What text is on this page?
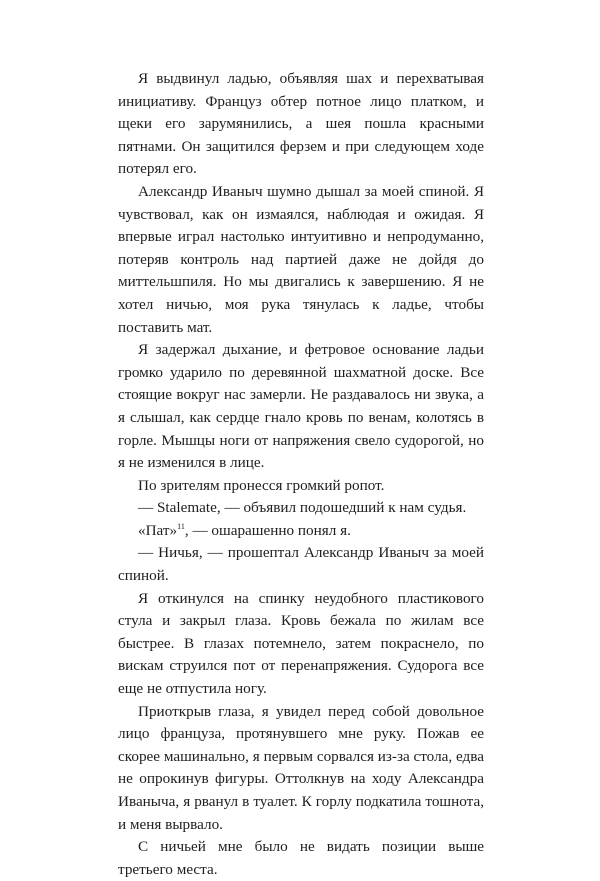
Я выдвинул ладью, объявляя шах и перехватывая инициативу. Француз обтер потное лицо платком, и щеки его зарумянились, а шея пошла красными пятнами. Он защитился ферзем и при следующем ходе потерял его.

Александр Иваныч шумно дышал за моей спиной. Я чувствовал, как он измаялся, наблюдая и ожидая. Я впервые играл настолько интуитивно и непродуманно, потеряв контроль над партией даже не дойдя до миттельшпиля. Но мы двигались к завершению. Я не хотел ничью, моя рука тянулась к ладье, чтобы поставить мат.

Я задержал дыхание, и фетровое основание ладьи громко ударило по деревянной шахматной доске. Все стоящие вокруг нас замерли. Не раздавалось ни звука, а я слышал, как сердце гнало кровь по венам, колотясь в горле. Мышцы ноги от напряжения свело судорогой, но я не изменился в лице.

По зрителям пронесся громкий ропот.

— Stalemate, — объявил подошедший к нам судья.

«Пат»$^{11}$, — ошарашенно понял я.

— Ничья, — прошептал Александр Иваныч за моей спиной.

Я откинулся на спинку неудобного пластикового стула и закрыл глаза. Кровь бежала по жилам все быстрее. В глазах потемнело, затем покраснело, по вискам струился пот от перенапряжения. Судорога все еще не отпустила ногу.

Приоткрыв глаза, я увидел перед собой довольное лицо француза, протянувшего мне руку. Пожав ее скорее машинально, я первым сорвался из-за стола, едва не опрокинув фигуры. Оттолкнув на ходу Александра Иваныча, я рванул в туалет. К горлу подкатила тошнота, и меня вырвало.

С ничьей мне было не видать позиции выше третьего места.
